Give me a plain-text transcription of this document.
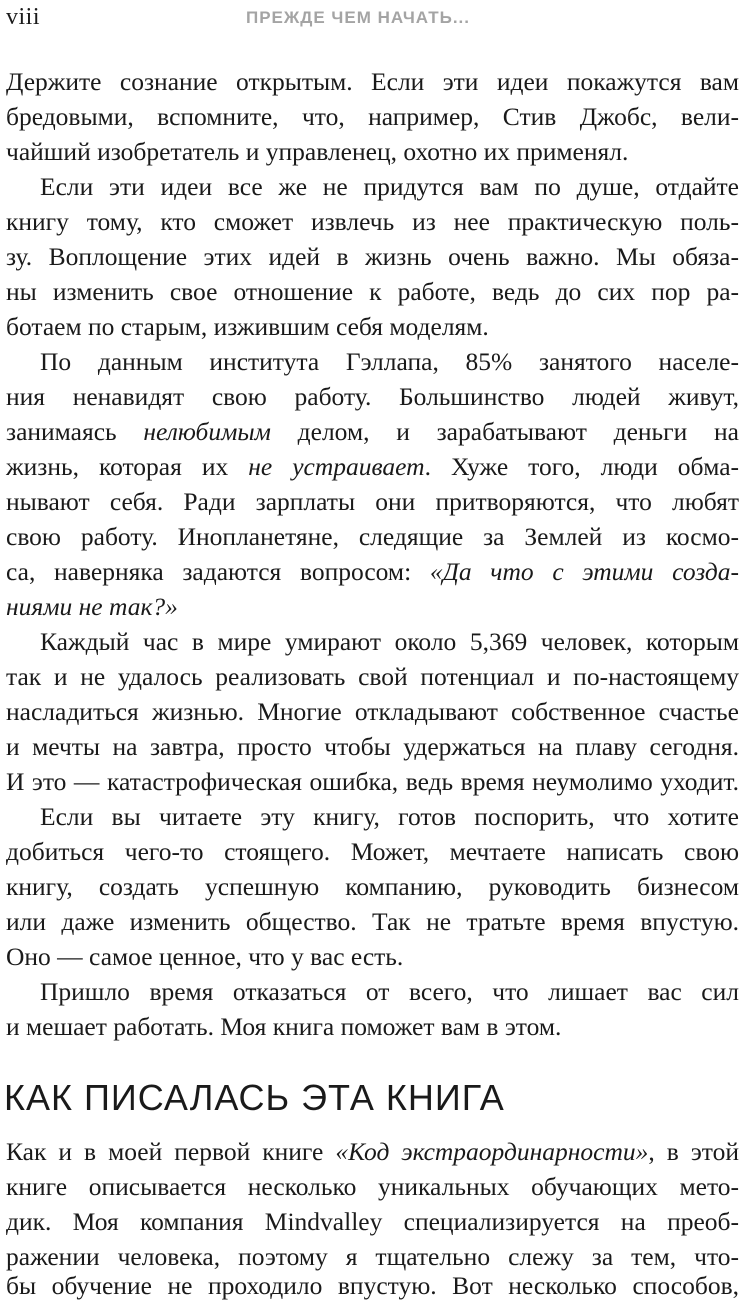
viii	ПРЕЖДЕ ЧЕМ НАЧАТЬ...
Держите сознание открытым. Если эти идеи покажутся вам
бредовыми, вспомните, что, например, Стив Джобс, вели-
чайший изобретатель и управленец, охотно их применял.
Если эти идеи все же не придутся вам по душе, отдайте
книгу тому, кто сможет извлечь из нее практическую поль-
зу. Воплощение этих идей в жизнь очень важно. Мы обяза-
ны изменить свое отношение к работе, ведь до сих пор ра-
ботаем по старым, изжившим себя моделям.
По данным института Гэллапа, 85% занятого населе-
ния ненавидят свою работу. Большинство людей живут,
занимаясь нелюбимым делом, и зарабатывают деньги на
жизнь, которая их не устраивает. Хуже того, люди обма-
нывают себя. Ради зарплаты они притворяются, что любят
свою работу. Инопланетяне, следящие за Землей из космо-
са, наверняка задаются вопросом: «Да что с этими созда-
ниями не так?»
Каждый час в мире умирают около 5,369 человек, которым
так и не удалось реализовать свой потенциал и по-настоящему
насладиться жизнью. Многие откладывают собственное счастье
и мечты на завтра, просто чтобы удержаться на плаву сегодня.
И это — катастрофическая ошибка, ведь время неумолимо уходит.
Если вы читаете эту книгу, готов поспорить, что хотите
добиться чего-то стоящего. Может, мечтаете написать свою
книгу, создать успешную компанию, руководить бизнесом
или даже изменить общество. Так не тратьте время впустую.
Оно — самое ценное, что у вас есть.
Пришло время отказаться от всего, что лишает вас сил
и мешает работать. Моя книга поможет вам в этом.
КАК ПИСАЛАСЬ ЭТА КНИГА
Как и в моей первой книге «Код экстраординарности», в этой
книге описывается несколько уникальных обучающих мето-
дик. Моя компания Mindvalley специализируется на преоб-
ражении человека, поэтому я тщательно слежу за тем, что-
бы обучение не проходило впустую. Вот несколько способов,
